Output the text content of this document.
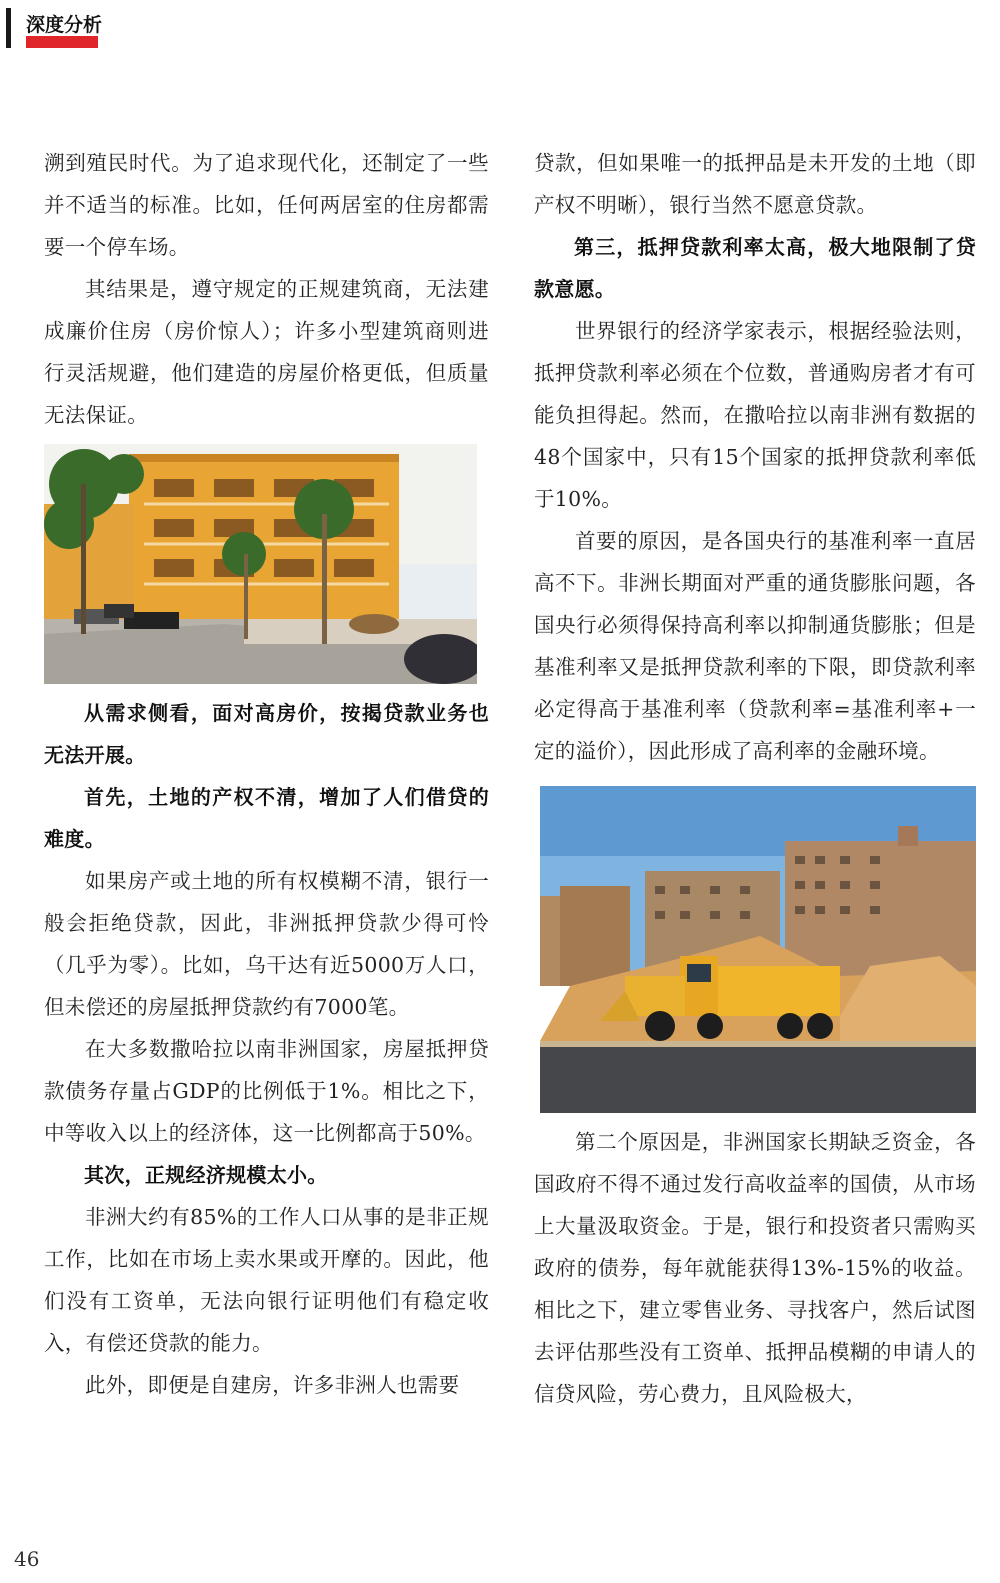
深度分析

溯到殖民时代。为了追求现代化，还制定了一些并不适当的标准。比如，任何两居室的住房都需要一个停车场。

其结果是，遵守规定的正规建筑商，无法建成廉价住房（房价惊人）；许多小型建筑商则进行灵活规避，他们建造的房屋价格更低，但质量无法保证。

从需求侧看，面对高房价，按揭贷款业务也无法开展。

首先，土地的产权不清，增加了人们借贷的难度。

如果房产或土地的所有权模糊不清，银行一般会拒绝贷款，因此，非洲抵押贷款少得可怜（几乎为零）。比如，乌干达有近5000万人口，但未偿还的房屋抵押贷款约有7000笔。

在大多数撒哈拉以南非洲国家，房屋抵押贷款债务存量占GDP的比例低于1%。相比之下，中等收入以上的经济体，这一比例都高于50%。

其次，正规经济规模太小。

非洲大约有85%的工作人口从事的是非正规工作，比如在市场上卖水果或开摩的。因此，他们没有工资单，无法向银行证明他们有稳定收入，有偿还贷款的能力。

此外，即便是自建房，许多非洲人也需要

贷款，但如果唯一的抵押品是未开发的土地（即产权不明晰），银行当然不愿意贷款。

第三，抵押贷款利率太高，极大地限制了贷款意愿。

世界银行的经济学家表示，根据经验法则，抵押贷款利率必须在个位数，普通购房者才有可能负担得起。然而，在撒哈拉以南非洲有数据的48个国家中，只有15个国家的抵押贷款利率低于10%。

首要的原因，是各国央行的基准利率一直居高不下。非洲长期面对严重的通货膨胀问题，各国央行必须得保持高利率以抑制通货膨胀；但是基准利率又是抵押贷款利率的下限，即贷款利率必定得高于基准利率（贷款利率=基准利率+一定的溢价），因此形成了高利率的金融环境。

第二个原因是，非洲国家长期缺乏资金，各国政府不得不通过发行高收益率的国债，从市场上大量汲取资金。于是，银行和投资者只需购买政府的债券，每年就能获得13%-15%的收益。相比之下，建立零售业务、寻找客户，然后试图去评估那些没有工资单、抵押品模糊的申请人的信贷风险，劳心费力，且风险极大，

46
